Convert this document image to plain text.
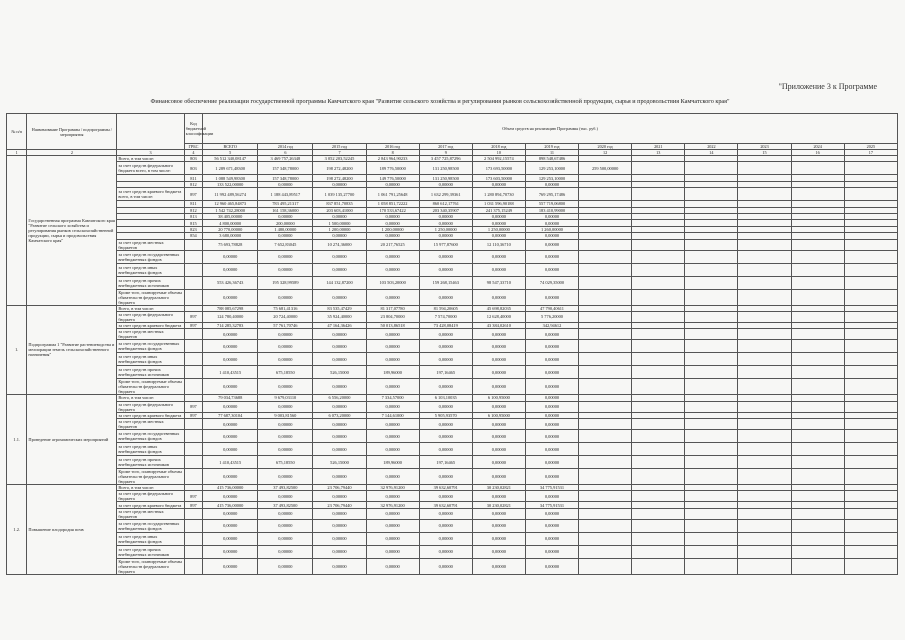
"Приложение 3 к Программе
Финансовое обеспечение реализации государственной программы Камчатского края "Развитие сельского хозяйства и регулирования рынков сельскохозяйственной продукции, сырья и продовольствия Камчатского края"
№ п/п	Наименование Программы / подпрограммы / мероприятия		Код бюджетной классификации	Объем средств на реализацию Программы (тыс. руб.)												
			ГРБС	ВСЕГО	2014 год	2015 год	2016 год	2017 год	2018 год	2019 год	2020 год	2021	2022	2023	2024	2025
1	2	3	4	5	6	7	8	9	10	11	12	13	14	15	16	17
	Государственная программа Камчатского края "Развитие сельского хозяйства и регулирования рынков сельскохозяйственной продукции, сырья и продовольствия Камчатского края"	Всего, в том числе:	803	56 512 340,08147	3 469 757,26348	3 052 203,52245	2 843 964,90233	3 457 725,87296	2 504 992,15574	898 548,67486						
		за счет средств федерального бюджета всего, в том числе:	803	1 289 671,48300	157 348,78000	198 272,48200	189 776,50000	131 250,98500	173 693,50000	129 253,10000	259 500,00000					
			811	1 088 549,98300	157 348,78000	198 272,48200	149 776,50000	131 250,98500	173 603,50000	129 253,10000						
			812	133 522,00000	0,00000	0,00000	0,00000	0,00000	0,00000	0,00000						
		за счет средств краевого бюджета всего, в том числе:	897	11 992 489,56274	1 188 443,89517	1 039 135,27700	1 061 791,25648	1 632 299,39361	1 280 894,70730	769 295,17486						
			811	12 960 465,84873	783 495,21317	837 851,70835	1 058 851,72222	860 612,17761	1 031 596,90188	557 719,06800						
			812	1 542 742,28000	161 158,36000	203 603,41000	170 533,67422	203 340,35907	241 375,15249	183 410,99000						
			813	38 405,00000	0,00000	0,00000	0,00000	0,00000	0,00000	0,00000						
			815	4 800,00000	200,00000	1 500,00000	0,00000	0,00000	0,00000	0,00000						
			823	20 770,00000	1 480,00000	1 200,00000	1 200,00000	1 250,00000	1 250,00000	1 260,00000						
			854	3 680,00000	0,00000	0,00000	0,00000	0,00000	0,00000	0,00000						
		за счет средств местных бюджетов		75 693,78828	7 652,83045	10 274,36000	20 217,76525	15 977,87600	12 110,36710	0,00000						
		за счет средств государственных внебюджетных фондов		0,00000	0,00000	0,00000	0,00000	0,00000	0,00000	0,00000						
		за счет средств иных внебюджетных фондов		0,00000	0,00000	0,00000	0,00000	0,00000	0,00000	0,00000						
		за счет средств прочих внебюджетных источников		553 426,36743	195 328,99589	144 132,87200	103 503,20000	159 268,15463	98 547,33710	74 029,35000						
		Кроме того, планируемые объемы обязательств федерального бюджета		0,00000	0,00000	0,00000	0,00000	0,00000	0,00000	0,00000						
1.	Подпрограмма 1 "Развитие растениеводства и мелиорации земель сельскохозяйственного назначения"	Всего, в том числе:		788 085,67298	75 681,41316	83 535,47429	81 317,07780	81 594,20605	45 698,82035	47 790,40611						
		за счет средств федерального бюджета	897	124 780,40000	20 724,40000	35 924,40000	23 804,70000	7 574,70000	12 628,40000	5 776,20000						
		за счет средств краевого бюджета	897	714 285,32783	57 761,70746	47 164,36426	50 013,86518	73 428,08419	43 384,02610	342,94612						
		за счет средств местных бюджетов		0,00000	0,00000	0,00000	0,00000	0,00000	0,00000	0,00000						
		за счет средств государственных внебюджетных фондов		0,00000	0,00000	0,00000	0,00000	0,00000	0,00000	0,00000						
		за счет средств иных внебюджетных фондов		0,00000	0,00000	0,00000	0,00000	0,00000	0,00000	0,00000						
		за счет средств прочих внебюджетных источников		1 410,43515	675,18550	526,15000	189,96000	197,16465	0,00000	0,00000						
		Кроме того, планируемые объемы обязательств федерального бюджета		0,00000	0,00000	0,00000	0,00000	0,00000	0,00000	0,00000						
1.1.	Проведение агрохимических мероприятий	Всего, в том числе:		79 034,73688	9 679,03110	6 556,20000	7 334,57000	6 103,10035	6 100,95000	0,00000						
		за счет средств федерального бюджета	897	0,00000	0,00000	0,00000	0,00000	0,00000	0,00000	0,00000						
		за счет средств краевого бюджета	897	77 687,30104	9 003,81560	6 073,20000	7 144,61000	5 905,93570	6 100,95000	0,00000						
		за счет средств местных бюджетов		0,00000	0,00000	0,00000	0,00000	0,00000	0,00000	0,00000						
		за счет средств государственных внебюджетных фондов		0,00000	0,00000	0,00000	0,00000	0,00000	0,00000	0,00000						
		за счет средств иных внебюджетных фондов		0,00000	0,00000	0,00000	0,00000	0,00000	0,00000	0,00000						
		за счет средств прочих внебюджетных источников		1 410,43515	675,18550	526,15000	189,96000	197,16465	0,00000	0,00000						
		Кроме того, планируемые объемы обязательств федерального бюджета		0,00000	0,00000	0,00000	0,00000	0,00000	0,00000	0,00000						
1.2.	Повышение плодородия почв	Всего, в том числе:		415 736,00000	37 493,82500	23 706,79440	32 976,91200	39 632,60791	30 230,02821	34 775,91531						
		за счет средств федерального бюджета	897	0,00000	0,00000	0,00000	0,00000	0,00000	0,00000	0,00000						
		за счет средств краевого бюджета	897	415 736,00000	37 493,82500	23 706,79440	32 976,91200	39 632,60791	30 230,02821	34 775,91531						
		за счет средств местных бюджетов		0,00000	0,00000	0,00000	0,00000	0,00000	0,00000	0,00000						
		за счет средств государственных внебюджетных фондов		0,00000	0,00000	0,00000	0,00000	0,00000	0,00000	0,00000						
		за счет средств иных внебюджетных фондов		0,00000	0,00000	0,00000	0,00000	0,00000	0,00000	0,00000						
		за счет средств прочих внебюджетных источников		0,00000	0,00000	0,00000	0,00000	0,00000	0,00000	0,00000						
		Кроме того, планируемые объемы обязательств федерального бюджета		0,00000	0,00000	0,00000	0,00000	0,00000	0,00000	0,00000						
